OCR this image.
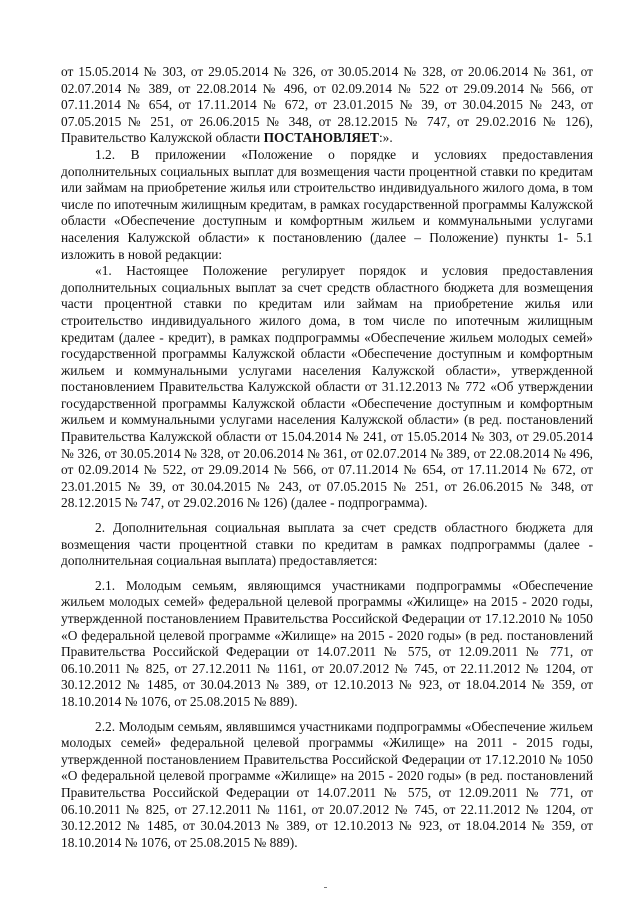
от 15.05.2014 № 303, от 29.05.2014 № 326, от 30.05.2014 № 328, от 20.06.2014 № 361, от 02.07.2014 № 389, от 22.08.2014 № 496, от 02.09.2014 № 522 от 29.09.2014 № 566, от 07.11.2014 № 654, от 17.11.2014 № 672, от 23.01.2015 № 39, от 30.04.2015 № 243, от 07.05.2015 № 251, от 26.06.2015 № 348, от 28.12.2015 № 747, от 29.02.2016 № 126), Правительство Калужской области ПОСТАНОВЛЯЕТ:».

1.2. В приложении «Положение о порядке и условиях предоставления дополнительных социальных выплат для возмещения части процентной ставки по кредитам или займам на приобретение жилья или строительство индивидуального жилого дома, в том числе по ипотечным жилищным кредитам, в рамках государственной программы Калужской области «Обеспечение доступным и комфортным жильем и коммунальными услугами населения Калужской области» к постановлению (далее – Положение) пункты 1- 5.1 изложить в новой редакции:

«1. Настоящее Положение регулирует порядок и условия предоставления дополнительных социальных выплат за счет средств областного бюджета для возмещения части процентной ставки по кредитам или займам на приобретение жилья или строительство индивидуального жилого дома, в том числе по ипотечным жилищным кредитам (далее - кредит), в рамках подпрограммы «Обеспечение жильем молодых семей» государственной программы Калужской области «Обеспечение доступным и комфортным жильем и коммунальными услугами населения Калужской области», утвержденной постановлением Правительства Калужской области от 31.12.2013 № 772 «Об утверждении государственной программы Калужской области «Обеспечение доступным и комфортным жильем и коммунальными услугами населения Калужской области» (в ред. постановлений Правительства Калужской области от 15.04.2014 № 241, от 15.05.2014 № 303, от 29.05.2014 № 326, от 30.05.2014 № 328, от 20.06.2014 № 361, от 02.07.2014 № 389, от 22.08.2014 № 496, от 02.09.2014 № 522, от 29.09.2014 № 566, от 07.11.2014 № 654, от 17.11.2014 № 672, от 23.01.2015 № 39, от 30.04.2015 № 243, от 07.05.2015 № 251, от 26.06.2015 № 348, от 28.12.2015 № 747, от 29.02.2016 № 126) (далее - подпрограмма).

2. Дополнительная социальная выплата за счет средств областного бюджета для возмещения части процентной ставки по кредитам в рамках подпрограммы (далее - дополнительная социальная выплата) предоставляется:

2.1. Молодым семьям, являющимся участниками подпрограммы «Обеспечение жильем молодых семей» федеральной целевой программы «Жилище» на 2015 - 2020 годы, утвержденной постановлением Правительства Российской Федерации от 17.12.2010 № 1050 «О федеральной целевой программе «Жилище» на 2015 - 2020 годы» (в ред. постановлений Правительства Российской Федерации от 14.07.2011 № 575, от 12.09.2011 № 771, от 06.10.2011 № 825, от 27.12.2011 № 1161, от 20.07.2012 № 745, от 22.11.2012 № 1204, от 30.12.2012 № 1485, от 30.04.2013 № 389, от 12.10.2013 № 923, от 18.04.2014 № 359, от 18.10.2014 № 1076, от 25.08.2015 № 889).

2.2. Молодым семьям, являвшимся участниками подпрограммы «Обеспечение жильем молодых семей» федеральной целевой программы «Жилище» на 2011 - 2015 годы, утвержденной постановлением Правительства Российской Федерации от 17.12.2010 № 1050 «О федеральной целевой программе «Жилище» на 2015 - 2020 годы» (в ред. постановлений Правительства Российской Федерации от 14.07.2011 № 575, от 12.09.2011 № 771, от 06.10.2011 № 825, от 27.12.2011 № 1161, от 20.07.2012 № 745, от 22.11.2012 № 1204, от 30.12.2012 № 1485, от 30.04.2013 № 389, от 12.10.2013 № 923, от 18.04.2014 № 359, от 18.10.2014 № 1076, от 25.08.2015 № 889).
